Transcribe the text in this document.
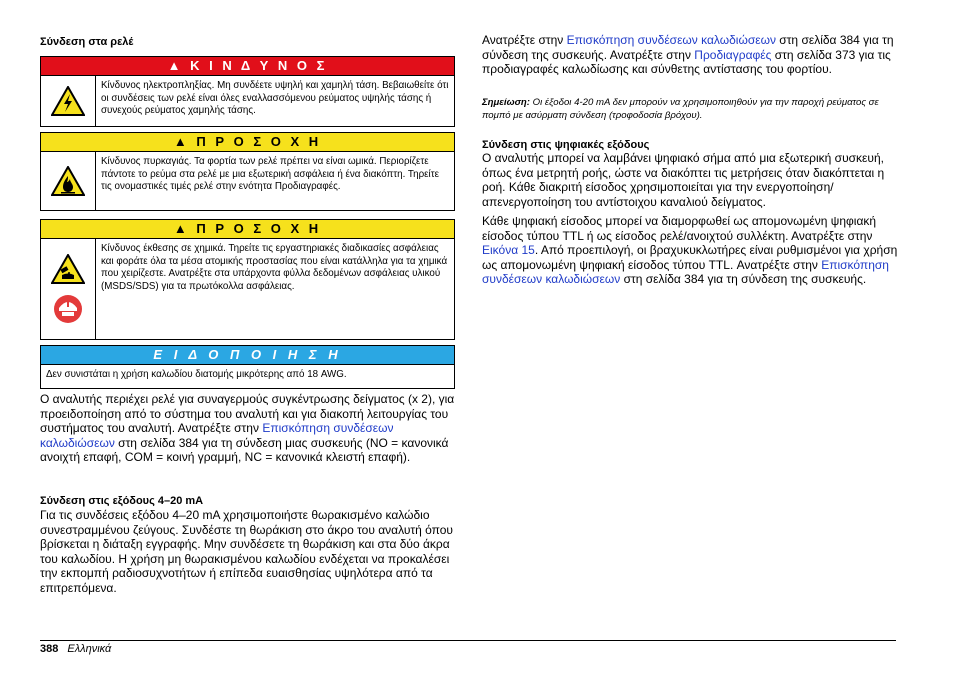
Σύνδεση στα ρελέ
▲ Κ Ι Ν Δ Υ Ν Ο Σ
Κίνδυνος ηλεκτροπληξίας. Μη συνδέετε υψηλή και χαμηλή τάση. Βεβαιωθείτε ότι οι συνδέσεις των ρελέ είναι όλες εναλλασσόμενου ρεύματος υψηλής τάσης ή συνεχούς ρεύματος χαμηλής τάσης.
▲ Π Ρ Ο Σ Ο Χ Η
Κίνδυνος πυρκαγιάς. Τα φορτία των ρελέ πρέπει να είναι ωμικά. Περιορίζετε πάντοτε το ρεύμα στα ρελέ με μια εξωτερική ασφάλεια ή ένα διακόπτη. Τηρείτε τις ονομαστικές τιμές ρελέ στην ενότητα Προδιαγραφές.
▲ Π Ρ Ο Σ Ο Χ Η
Κίνδυνος έκθεσης σε χημικά. Τηρείτε τις εργαστηριακές διαδικασίες ασφάλειας και φοράτε όλα τα μέσα ατομικής προστασίας που είναι κατάλληλα για τα χημικά που χειρίζεστε. Ανατρέξτε στα υπάρχοντα φύλλα δεδομένων ασφάλειας υλικού (MSDS/SDS) για τα πρωτόκολλα ασφάλειας.
Ε Ι Δ Ο Π Ο Ι Η Σ Η
Δεν συνιστάται η χρήση καλωδίου διατομής μικρότερης από 18 AWG.

Ο αναλυτής περιέχει ρελέ για συναγερμούς συγκέντρωσης δείγματος (x 2), για προειδοποίηση από το σύστημα του αναλυτή και για διακοπή λειτουργίας του συστήματος του αναλυτή. Ανατρέξτε στην Επισκόπηση συνδέσεων καλωδιώσεων στη σελίδα 384 για τη σύνδεση μιας συσκευής (NO = κανονικά ανοιχτή επαφή, COM = κοινή γραμμή, NC = κανονικά κλειστή επαφή).

Σύνδεση στις εξόδους 4–20 mA

Για τις συνδέσεις εξόδου 4–20 mA χρησιμοποιήστε θωρακισμένο καλώδιο συνεστραμμένου ζεύγους. Συνδέστε τη θωράκιση στο άκρο του αναλυτή όπου βρίσκεται η διάταξη εγγραφής. Μην συνδέσετε τη θωράκιση και στα δύο άκρα του καλωδίου. Η χρήση μη θωρακισμένου καλωδίου ενδέχεται να προκαλέσει την εκπομπή ραδιοσυχνοτήτων ή επίπεδα ευαισθησίας υψηλότερα από τα επιτρεπόμενα.

Ανατρέξτε στην Επισκόπηση συνδέσεων καλωδιώσεων στη σελίδα 384 για τη σύνδεση της συσκευής. Ανατρέξτε στην Προδιαγραφές στη σελίδα 373 για τις προδιαγραφές καλωδίωσης και σύνθετης αντίστασης του φορτίου.

Σημείωση: Οι έξοδοι 4-20 mA δεν μπορούν να χρησιμοποιηθούν για την παροχή ρεύματος σε πομπό με ασύρματη σύνδεση (τροφοδοσία βρόχου).

Σύνδεση στις ψηφιακές εξόδους

Ο αναλυτής μπορεί να λαμβάνει ψηφιακό σήμα από μια εξωτερική συσκευή, όπως ένα μετρητή ροής, ώστε να διακόπτει τις μετρήσεις όταν διακόπτεται η ροή. Κάθε διακριτή είσοδος χρησιμοποιείται για την ενεργοποίηση/απενεργοποίηση του αντίστοιχου καναλιού δείγματος.

Κάθε ψηφιακή είσοδος μπορεί να διαμορφωθεί ως απομονωμένη ψηφιακή είσοδος τύπου TTL ή ως είσοδος ρελέ/ανοιχτού συλλέκτη. Ανατρέξτε στην Εικόνα 15. Από προεπιλογή, οι βραχυκυκλωτήρες είναι ρυθμισμένοι για χρήση ως απομονωμένη ψηφιακή είσοδος τύπου TTL. Ανατρέξτε στην Επισκόπηση συνδέσεων καλωδιώσεων στη σελίδα 384 για τη σύνδεση της συσκευής.

388 Ελληνικά
